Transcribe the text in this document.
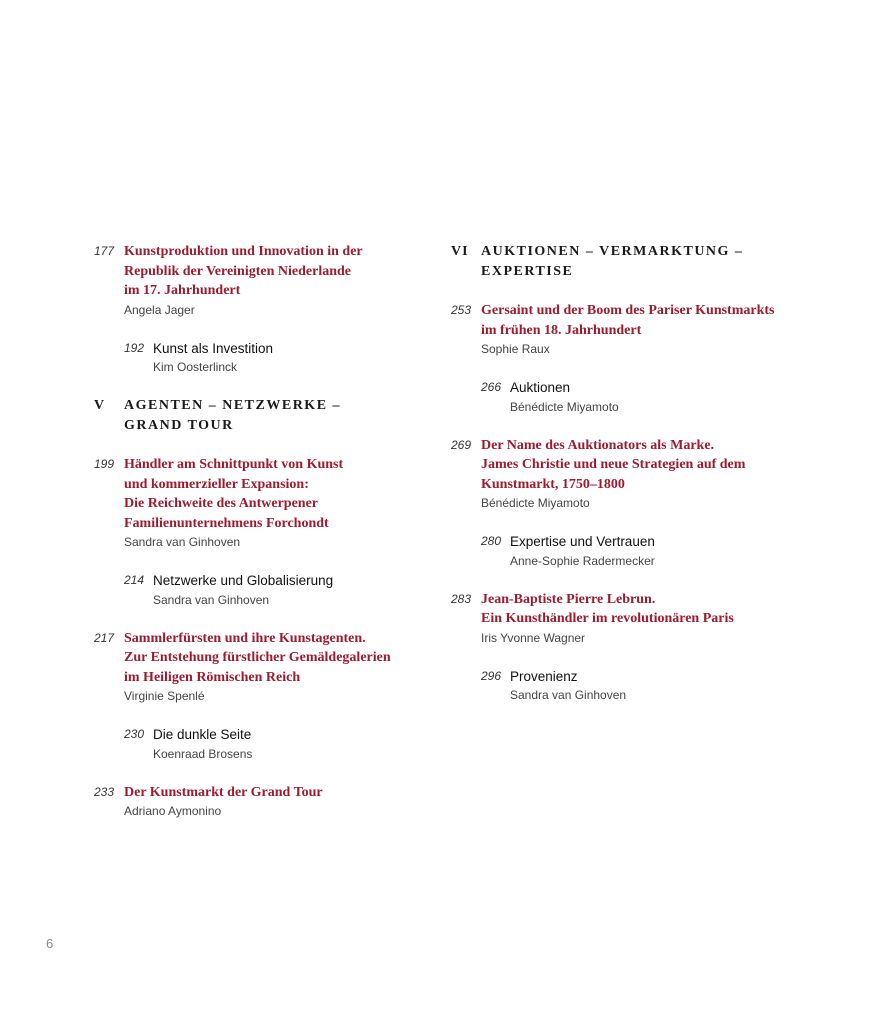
177 Kunstproduktion und Innovation in der
Republik der Vereinigten Niederlande
im 17. Jahrhundert
Angela Jager
192 Kunst als Investition
Kim Oosterlinck
V AGENTEN – NETZWERKE –
GRAND TOUR
199 Händler am Schnittpunkt von Kunst
und kommerzieller Expansion:
Die Reichweite des Antwerpener
Familienunternehmens Forchondt
Sandra van Ginhoven
214 Netzwerke und Globalisierung
Sandra van Ginhoven
217 Sammlerfürsten und ihre Kunstagenten.
Zur Entstehung fürstlicher Gemäldegalerien
im Heiligen Römischen Reich
Virginie Spenlé
230 Die dunkle Seite
Koenraad Brosens
233 Der Kunstmarkt der Grand Tour
Adriano Aymonino
VI AUKTIONEN – VERMARKTUNG –
EXPERTISE
253 Gersaint und der Boom des Pariser Kunstmarkts
im frühen 18. Jahrhundert
Sophie Raux
266 Auktionen
Bénédicte Miyamoto
269 Der Name des Auktionators als Marke.
James Christie und neue Strategien auf dem
Kunstmarkt, 1750–1800
Bénédicte Miyamoto
280 Expertise und Vertrauen
Anne-Sophie Radermecker
283 Jean-Baptiste Pierre Lebrun.
Ein Kunsthändler im revolutionären Paris
Iris Yvonne Wagner
296 Provenienz
Sandra van Ginhoven
6
